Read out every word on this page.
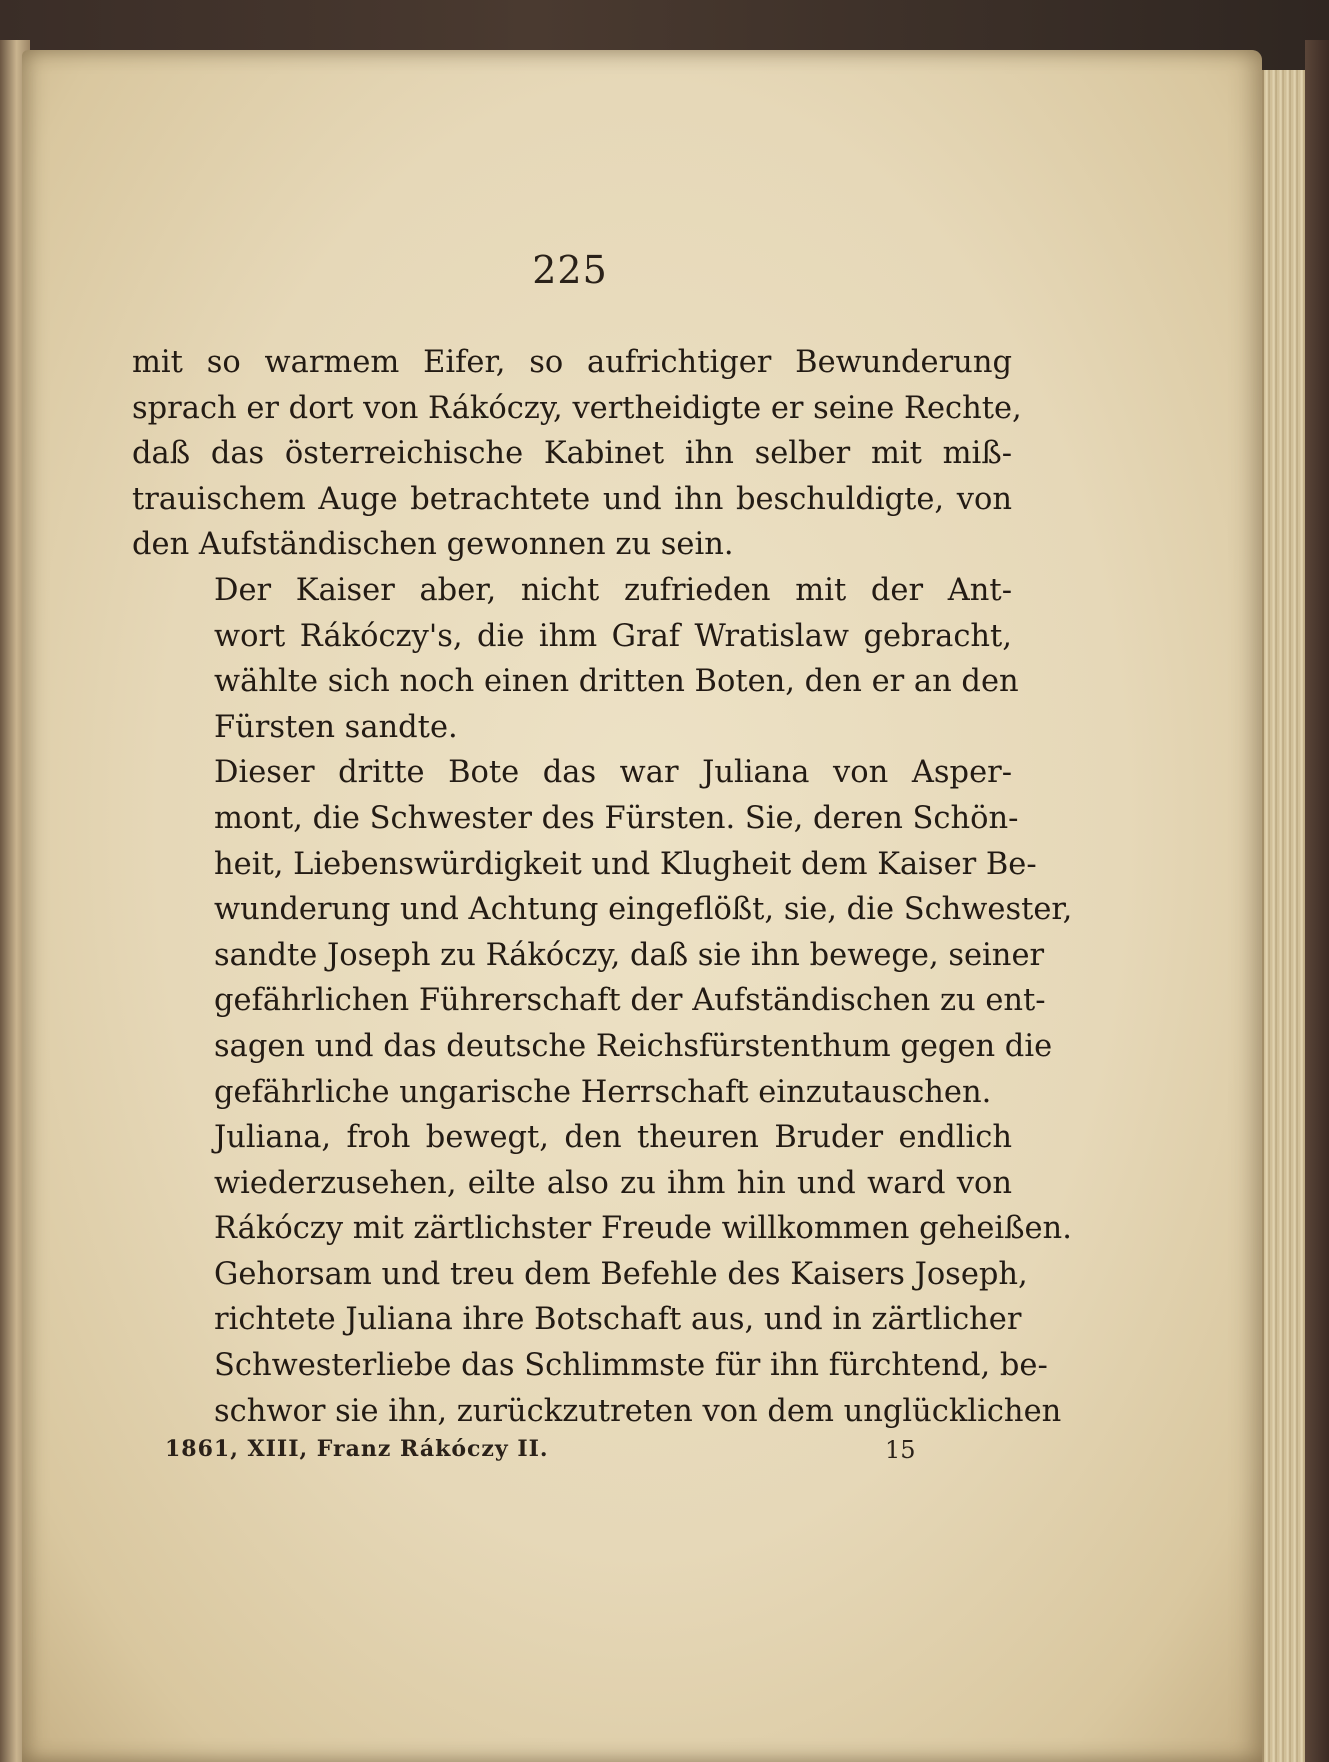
225

mit so warmem Eifer, so aufrichtiger Bewunderung
sprach er dort von Rákóczy, vertheidigte er seine Rechte,
daß das österreichische Kabinet ihn selber mit miß-
trauischem Auge betrachtete und ihn beschuldigte, von
den Aufständischen gewonnen zu sein.

Der Kaiser aber, nicht zufrieden mit der Ant-
wort Rákóczy's, die ihm Graf Wratislaw gebracht,
wählte sich noch einen dritten Boten, den er an den
Fürsten sandte.

Dieser dritte Bote das war Juliana von Asper-
mont, die Schwester des Fürsten. Sie, deren Schön-
heit, Liebenswürdigkeit und Klugheit dem Kaiser Be-
wunderung und Achtung eingeflößt, sie, die Schwester,
sandte Joseph zu Rákóczy, daß sie ihn bewege, seiner
gefährlichen Führerschaft der Aufständischen zu ent-
sagen und das deutsche Reichsfürstenthum gegen die
gefährliche ungarische Herrschaft einzutauschen.

Juliana, froh bewegt, den theuren Bruder endlich
wiederzusehen, eilte also zu ihm hin und ward von
Rákóczy mit zärtlichster Freude willkommen geheißen.
Gehorsam und treu dem Befehle des Kaisers Joseph,
richtete Juliana ihre Botschaft aus, und in zärtlicher
Schwesterliebe das Schlimmste für ihn fürchtend, be-
schwor sie ihn, zurückzutreten von dem unglücklichen

1861, XIII, Franz Rákóczy II.	15
